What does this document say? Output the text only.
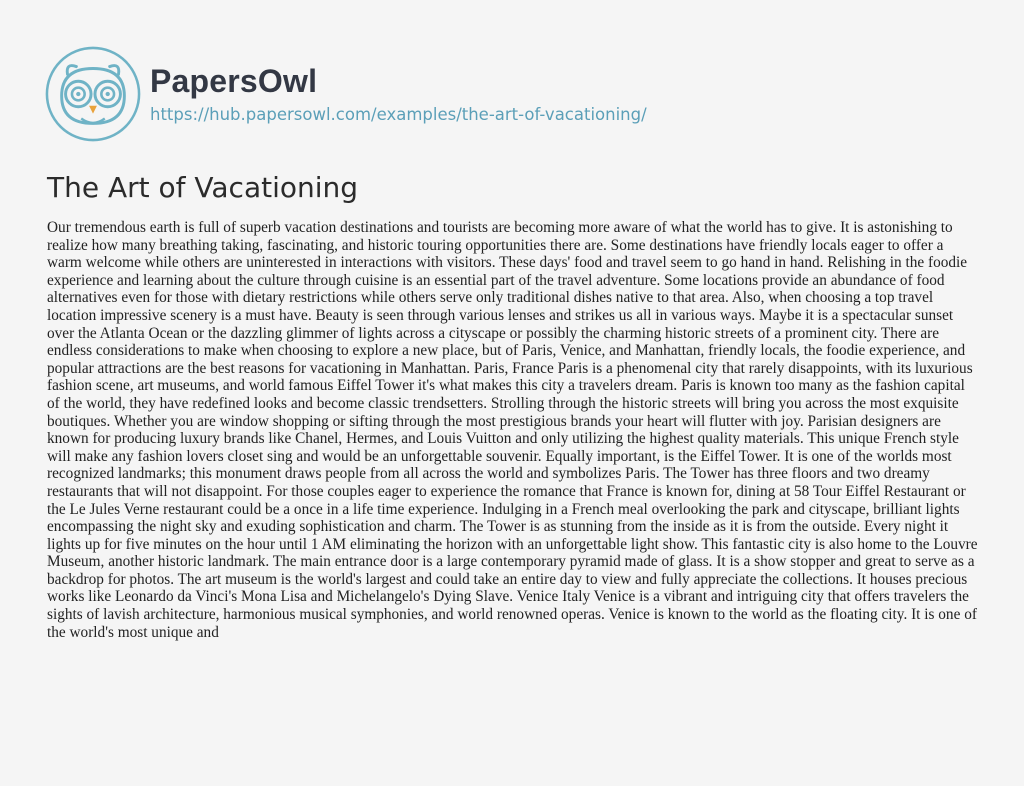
PapersOwl
https://hub.papersowl.com/examples/the-art-of-vacationing/
The Art of Vacationing

Our tremendous earth is full of superb vacation destinations and tourists are becoming more aware of what the world has to give. It is astonishing to realize how many breathing taking, fascinating, and historic touring opportunities there are. Some destinations have friendly locals eager to offer a warm welcome while others are uninterested in interactions with visitors. These days' food and travel seem to go hand in hand. Relishing in the foodie experience and learning about the culture through cuisine is an essential part of the travel adventure. Some locations provide an abundance of food alternatives even for those with dietary restrictions while others serve only traditional dishes native to that area. Also, when choosing a top travel location impressive scenery is a must have. Beauty is seen through various lenses and strikes us all in various ways. Maybe it is a spectacular sunset over the Atlanta Ocean or the dazzling glimmer of lights across a cityscape or possibly the charming historic streets of a prominent city. There are endless considerations to make when choosing to explore a new place, but of Paris, Venice, and Manhattan, friendly locals, the foodie experience, and popular attractions are the best reasons for vacationing in Manhattan. Paris, France Paris is a phenomenal city that rarely disappoints, with its luxurious fashion scene, art museums, and world famous Eiffel Tower it's what makes this city a travelers dream. Paris is known too many as the fashion capital of the world, they have redefined looks and become classic trendsetters. Strolling through the historic streets will bring you across the most exquisite boutiques. Whether you are window shopping or sifting through the most prestigious brands your heart will flutter with joy. Parisian designers are known for producing luxury brands like Chanel, Hermes, and Louis Vuitton and only utilizing the highest quality materials. This unique French style will make any fashion lovers closet sing and would be an unforgettable souvenir. Equally important, is the Eiffel Tower. It is one of the worlds most recognized landmarks; this monument draws people from all across the world and symbolizes Paris. The Tower has three floors and two dreamy restaurants that will not disappoint. For those couples eager to experience the romance that France is known for, dining at 58 Tour Eiffel Restaurant or the Le Jules Verne restaurant could be a once in a life time experience. Indulging in a French meal overlooking the park and cityscape, brilliant lights encompassing the night sky and exuding sophistication and charm. The Tower is as stunning from the inside as it is from the outside. Every night it lights up for five minutes on the hour until 1 AM eliminating the horizon with an unforgettable light show. This fantastic city is also home to the Louvre Museum, another historic landmark. The main entrance door is a large contemporary pyramid made of glass. It is a show stopper and great to serve as a backdrop for photos. The art museum is the world's largest and could take an entire day to view and fully appreciate the collections. It houses precious works like Leonardo da Vinci's Mona Lisa and Michelangelo's Dying Slave. Venice Italy Venice is a vibrant and intriguing city that offers travelers the sights of lavish architecture, harmonious musical symphonies, and world renowned operas. Venice is known to the world as the floating city. It is one of the world's most unique and
